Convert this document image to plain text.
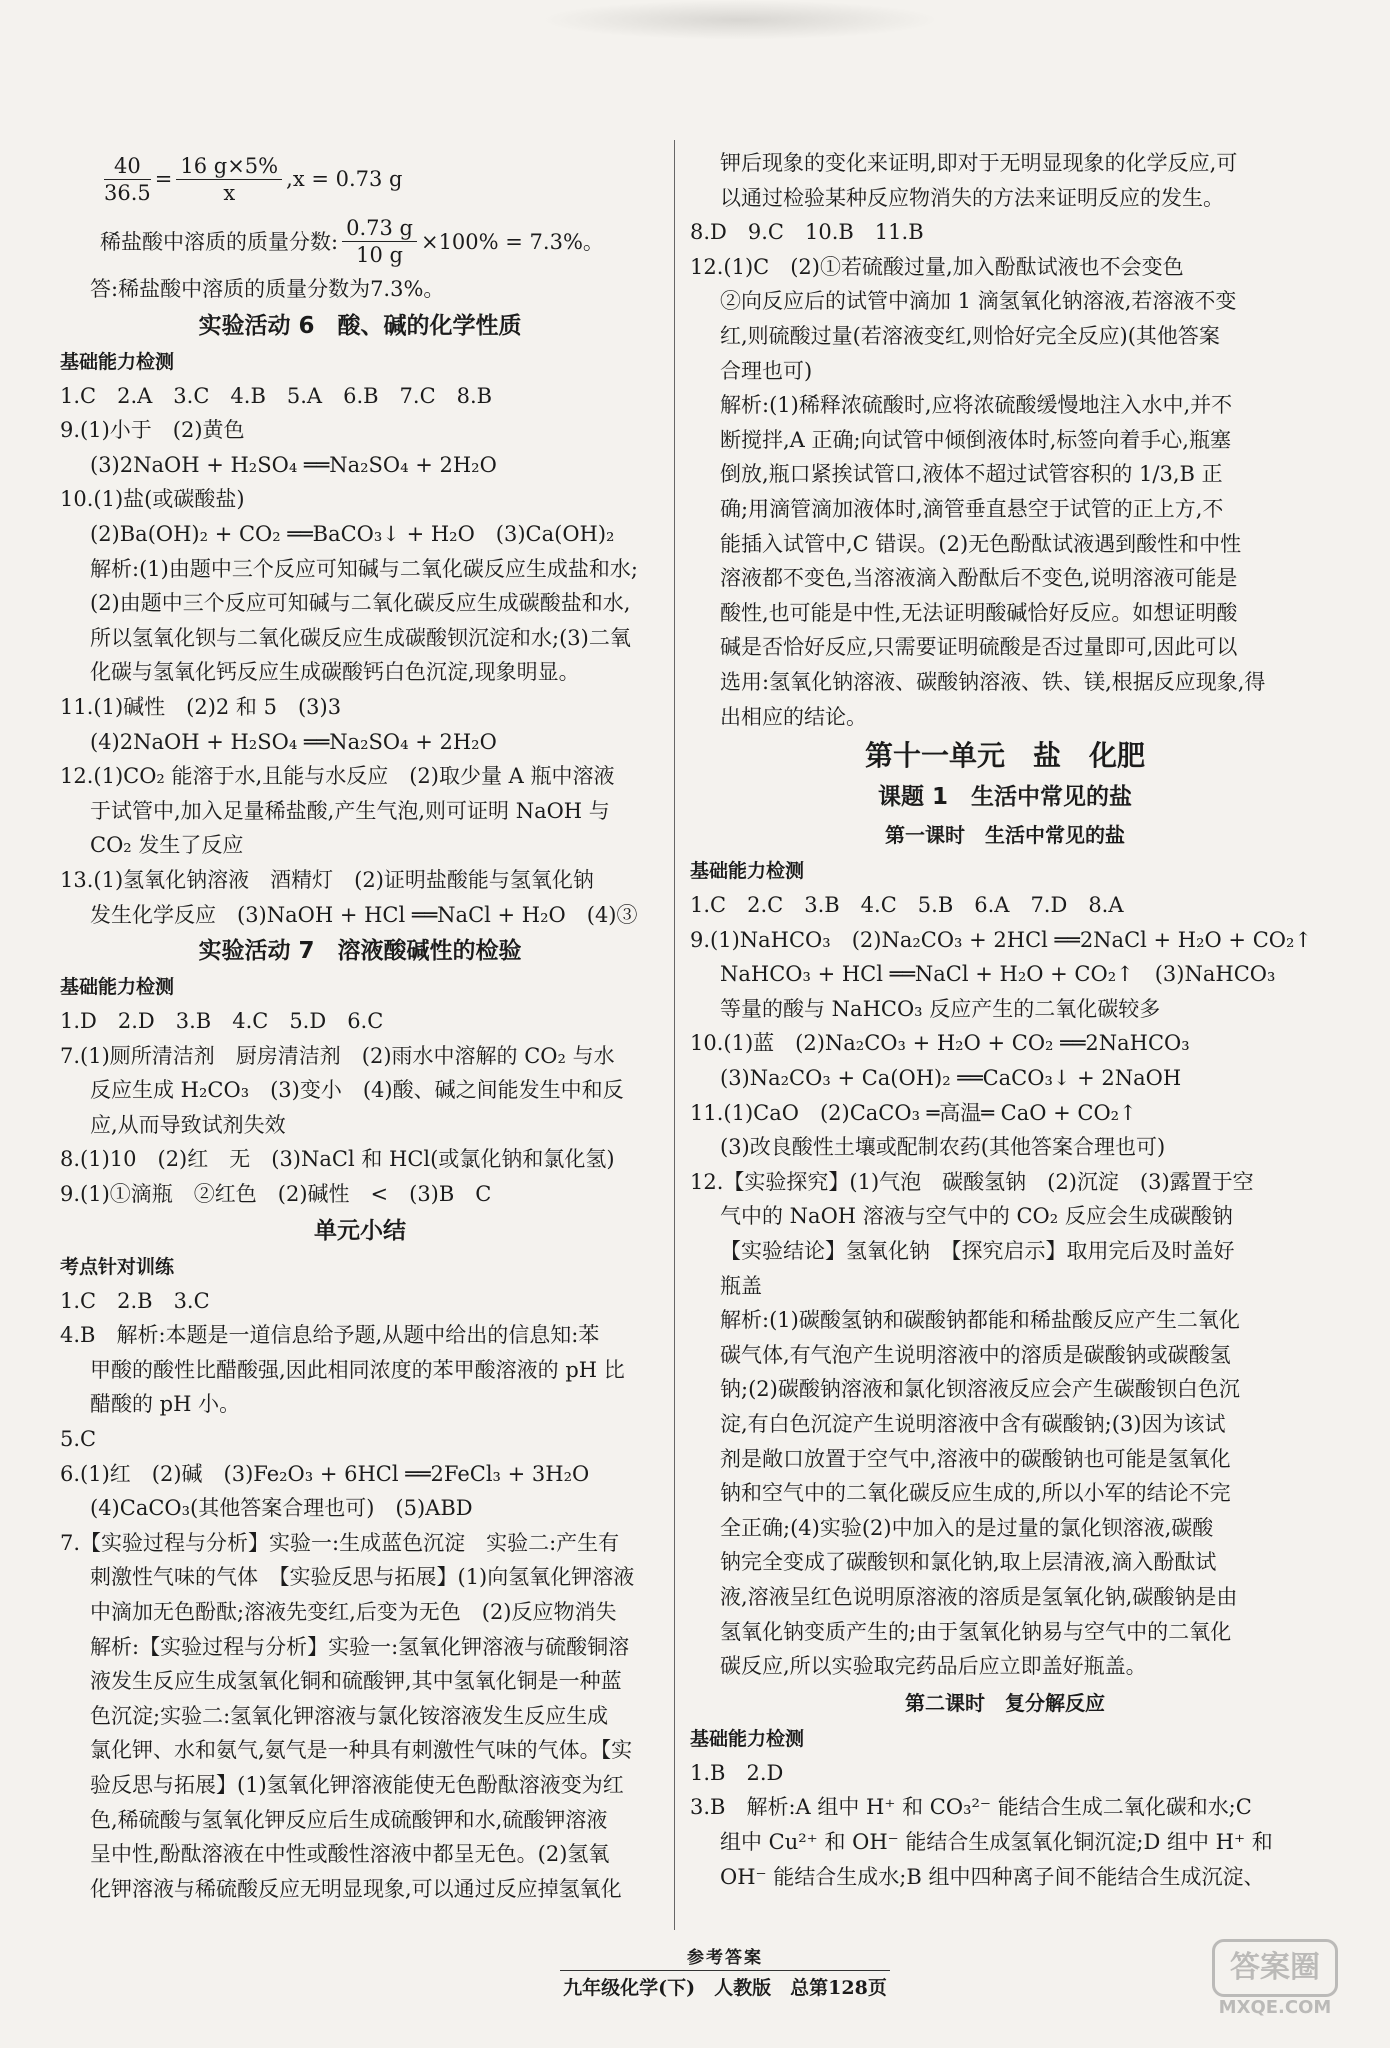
$\frac{40}{36.5} = \frac{16 g\times 5\%}{x} ,x = 0.73$ g
稀盐酸中溶质的质量分数: $\frac{0.73 g}{10 g} \times 100\% = 7.3\%$。
答:稀盐酸中溶质的质量分数为7.3%。
实验活动 6　酸、碱的化学性质
基础能力检测
1.C　2.A　3.C　4.B　5.A　6.B　7.C　8.B
9.(1)小于　(2)黄色
(3)2NaOH + H₂SO₄ ══Na₂SO₄ + 2H₂O
10.(1)盐(或碳酸盐)
(2)Ba(OH)₂ + CO₂ ══BaCO₃↓ + H₂O　(3)Ca(OH)₂
解析:(1)由题中三个反应可知碱与二氧化碳反应生成盐和水;
(2)由题中三个反应可知碱与二氧化碳反应生成碳酸盐和水,
所以氢氧化钡与二氧化碳反应生成碳酸钡沉淀和水;(3)二氧
化碳与氢氧化钙反应生成碳酸钙白色沉淀,现象明显。
11.(1)碱性　(2)2 和 5　(3)3
(4)2NaOH + H₂SO₄ ══Na₂SO₄ + 2H₂O
12.(1)CO₂ 能溶于水,且能与水反应　(2)取少量 A 瓶中溶液
于试管中,加入足量稀盐酸,产生气泡,则可证明 NaOH 与
CO₂ 发生了反应
13.(1)氢氧化钠溶液　酒精灯　(2)证明盐酸能与氢氧化钠
发生化学反应　(3)NaOH + HCl ══NaCl + H₂O　(4)③
实验活动 7　溶液酸碱性的检验
基础能力检测
1.D　2.D　3.B　4.C　5.D　6.C
7.(1)厕所清洁剂　厨房清洁剂　(2)雨水中溶解的 CO₂ 与水
反应生成 H₂CO₃　(3)变小　(4)酸、碱之间能发生中和反
应,从而导致试剂失效
8.(1)10　(2)红　无　(3)NaCl 和 HCl(或氯化钠和氯化氢)
9.(1)①滴瓶　②红色　(2)碱性　<　(3)B　C
单元小结
考点针对训练
1.C　2.B　3.C
4.B　解析:本题是一道信息给予题,从题中给出的信息知:苯
甲酸的酸性比醋酸强,因此相同浓度的苯甲酸溶液的 pH 比
醋酸的 pH 小。
5.C
6.(1)红　(2)碱　(3)Fe₂O₃ + 6HCl ══2FeCl₃ + 3H₂O
(4)CaCO₃(其他答案合理也可)　(5)ABD
7.【实验过程与分析】实验一:生成蓝色沉淀　实验二:产生有
刺激性气味的气体　【实验反思与拓展】(1)向氢氧化钾溶液
中滴加无色酚酞;溶液先变红,后变为无色　(2)反应物消失
解析:【实验过程与分析】实验一:氢氧化钾溶液与硫酸铜溶
液发生反应生成氢氧化铜和硫酸钾,其中氢氧化铜是一种蓝
色沉淀;实验二:氢氧化钾溶液与氯化铵溶液发生反应生成
氯化钾、水和氨气,氨气是一种具有刺激性气味的气体。【实
验反思与拓展】(1)氢氧化钾溶液能使无色酚酞溶液变为红
色,稀硫酸与氢氧化钾反应后生成硫酸钾和水,硫酸钾溶液
呈中性,酚酞溶液在中性或酸性溶液中都呈无色。(2)氢氧
化钾溶液与稀硫酸反应无明显现象,可以通过反应掉氢氧化
钾后现象的变化来证明,即对于无明显现象的化学反应,可
以通过检验某种反应物消失的方法来证明反应的发生。
8.D　9.C　10.B　11.B
12.(1)C　(2)①若硫酸过量,加入酚酞试液也不会变色
②向反应后的试管中滴加 1 滴氢氧化钠溶液,若溶液不变
红,则硫酸过量(若溶液变红,则恰好完全反应)(其他答案
合理也可)
解析:(1)稀释浓硫酸时,应将浓硫酸缓慢地注入水中,并不
断搅拌,A 正确;向试管中倾倒液体时,标签向着手心,瓶塞
倒放,瓶口紧挨试管口,液体不超过试管容积的 1/3,B 正
确;用滴管滴加液体时,滴管垂直悬空于试管的正上方,不
能插入试管中,C 错误。(2)无色酚酞试液遇到酸性和中性
溶液都不变色,当溶液滴入酚酞后不变色,说明溶液可能是
酸性,也可能是中性,无法证明酸碱恰好反应。如想证明酸
碱是否恰好反应,只需要证明硫酸是否过量即可,因此可以
选用:氢氧化钠溶液、碳酸钠溶液、铁、镁,根据反应现象,得
出相应的结论。
第十一单元　盐　化肥
课题 1　生活中常见的盐
第一课时　生活中常见的盐
基础能力检测
1.C　2.C　3.B　4.C　5.B　6.A　7.D　8.A
9.(1)NaHCO₃　(2)Na₂CO₃ + 2HCl ══2NaCl + H₂O + CO₂↑
NaHCO₃ + HCl ══NaCl + H₂O + CO₂↑　(3)NaHCO₃
等量的酸与 NaHCO₃ 反应产生的二氧化碳较多
10.(1)蓝　(2)Na₂CO₃ + H₂O + CO₂ ══2NaHCO₃
(3)Na₂CO₃ + Ca(OH)₂ ══CaCO₃↓ + 2NaOH
11.(1)CaO　(2)CaCO₃ ═高温═ CaO + CO₂↑
(3)改良酸性土壤或配制农药(其他答案合理也可)
12.【实验探究】(1)气泡　碳酸氢钠　(2)沉淀　(3)露置于空
气中的 NaOH 溶液与空气中的 CO₂ 反应会生成碳酸钠
【实验结论】氢氧化钠　【探究启示】取用完后及时盖好
瓶盖
解析:(1)碳酸氢钠和碳酸钠都能和稀盐酸反应产生二氧化
碳气体,有气泡产生说明溶液中的溶质是碳酸钠或碳酸氢
钠;(2)碳酸钠溶液和氯化钡溶液反应会产生碳酸钡白色沉
淀,有白色沉淀产生说明溶液中含有碳酸钠;(3)因为该试
剂是敞口放置于空气中,溶液中的碳酸钠也可能是氢氧化
钠和空气中的二氧化碳反应生成的,所以小军的结论不完
全正确;(4)实验(2)中加入的是过量的氯化钡溶液,碳酸
钠完全变成了碳酸钡和氯化钠,取上层清液,滴入酚酞试
液,溶液呈红色说明原溶液的溶质是氢氧化钠,碳酸钠是由
氢氧化钠变质产生的;由于氢氧化钠易与空气中的二氧化
碳反应,所以实验取完药品后应立即盖好瓶盖。
第二课时　复分解反应
基础能力检测
1.B　2.D
3.B　解析:A 组中 H⁺ 和 CO₃²⁻ 能结合生成二氧化碳和水;C
组中 Cu²⁺ 和 OH⁻ 能结合生成氢氧化铜沉淀;D 组中 H⁺ 和
OH⁻ 能结合生成水;B 组中四种离子间不能结合生成沉淀、
参考答案
九年级化学(下)　人教版　总第128页
答案圈
MXQE.COM
